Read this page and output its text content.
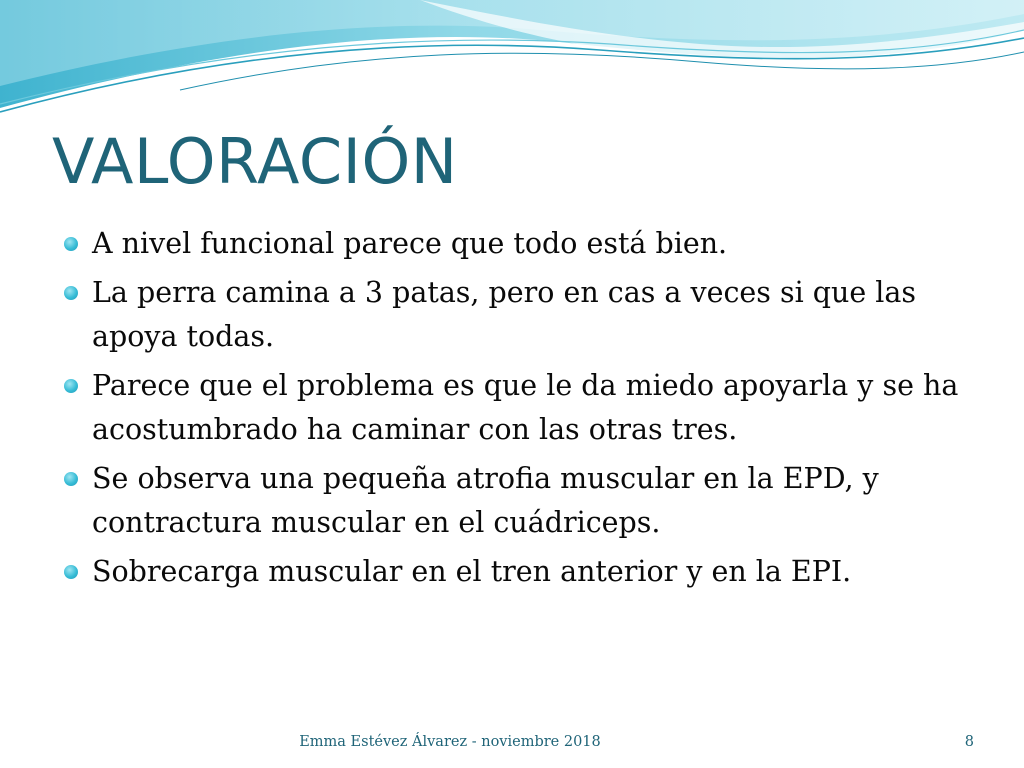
VALORACIÓN
A nivel funcional parece que todo está bien.
La perra camina a 3 patas, pero en cas a veces si que las apoya todas.
Parece que el problema es que le da miedo apoyarla y se ha acostumbrado ha caminar con las otras tres.
Se observa una pequeña atrofia muscular en la EPD, y contractura muscular en el cuádriceps.
Sobrecarga muscular en el tren anterior y en la EPI.
Emma Estévez Álvarez - noviembre 2018	8
